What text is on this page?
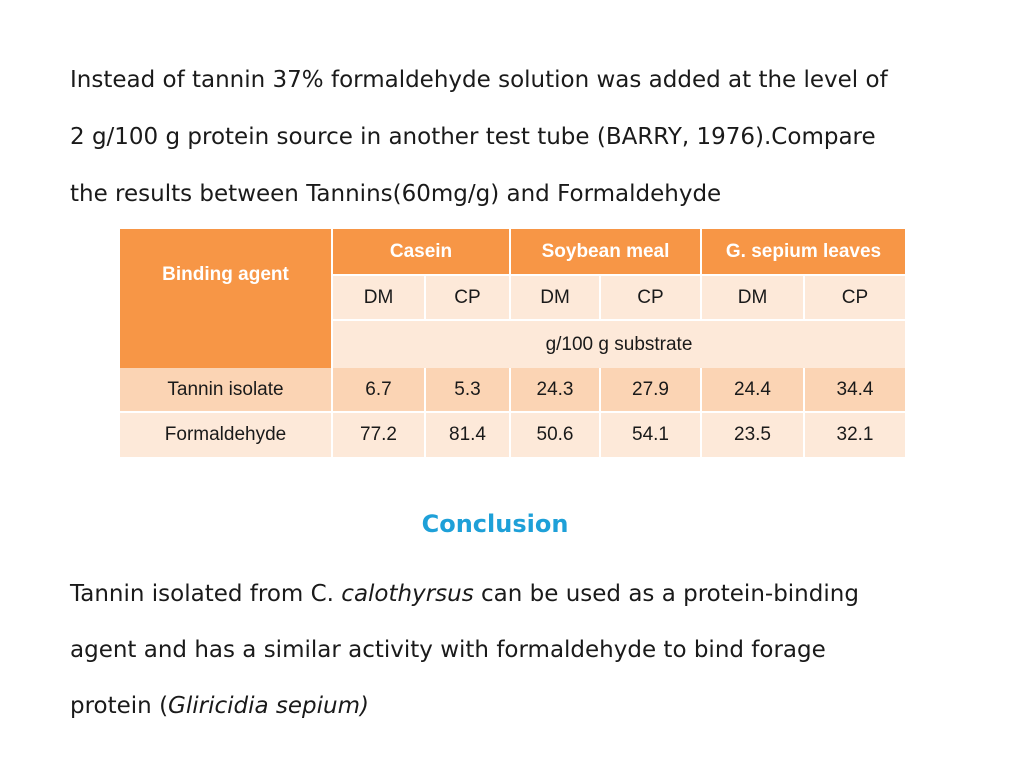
Instead of tannin 37% formaldehyde solution was added at the level of
2 g/100 g protein source in another test tube (BARRY, 1976).Compare
the results between Tannins(60mg/g) and Formaldehyde

Binding agent	Casein		Soybean meal		G. sepium leaves	
	DM	CP	DM	CP	DM	CP
	g/100 g substrate					
Tannin isolate	6.7	5.3	24.3	27.9	24.4	34.4
Formaldehyde	77.2	81.4	50.6	54.1	23.5	32.1
Conclusion

Tannin isolated from C. calothyrsus can be used as a protein-binding
agent and has a similar activity with formaldehyde to bind forage
protein (Gliricidia sepium)
